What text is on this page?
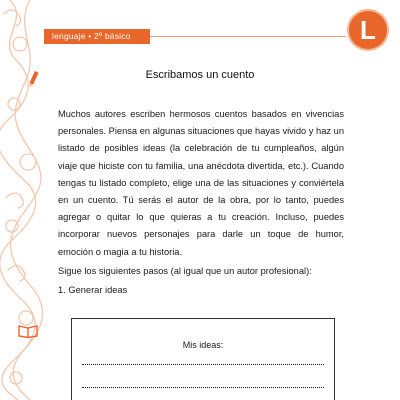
lenguaje • 2º básico	L
Escribamos un cuento

Muchos autores escriben hermosos cuentos basados en vivencias personales. Piensa en algunas situaciones que hayas vivido y haz un listado de posibles ideas (la celebración de tu cumpleaños, algún viaje que hiciste con tu familia, una anécdota divertida, etc.). Cuando tengas tu listado completo, elige una de las situaciones y conviértela en un cuento. Tú serás el autor de la obra, por lo tanto, puedes agregar o quitar lo que quieras a tu creación. Incluso, puedes incorporar nuevos personajes para darle un toque de humor, emoción o magia a tu historia.

Sigue los siguientes pasos (al igual que un autor profesional):
1. Generar ideas
Mis ideas:
